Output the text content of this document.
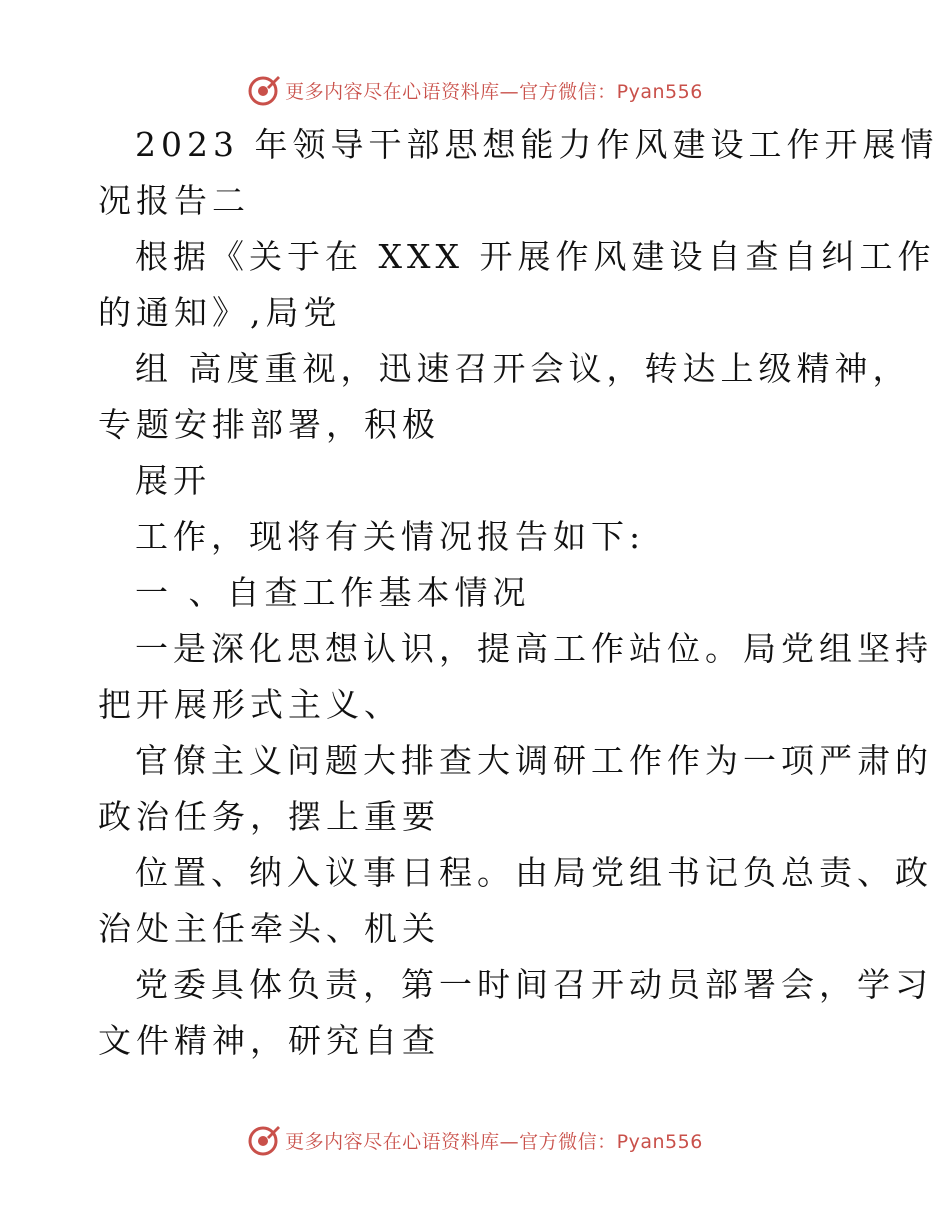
更多内容尽在心语资料库—官方微信：Pyan556
2023 年领导干部思想能力作风建设工作开展情
况报告二
根据《关于在 XXX 开展作风建设自查自纠工作
的通知》,局党
组 高度重视，迅速召开会议，转达上级精神，
专题安排部署，积极
展开
工作，现将有关情况报告如下:
一 、自查工作基本情况
一是深化思想认识，提高工作站位。局党组坚持
把开展形式主义、
官僚主义问题大排查大调研工作作为一项严肃的
政治任务，摆上重要
位置、纳入议事日程。由局党组书记负总责、政
治处主任牵头、机关
党委具体负责，第一时间召开动员部署会，学习
文件精神，研究自查
更多内容尽在心语资料库—官方微信：Pyan556
